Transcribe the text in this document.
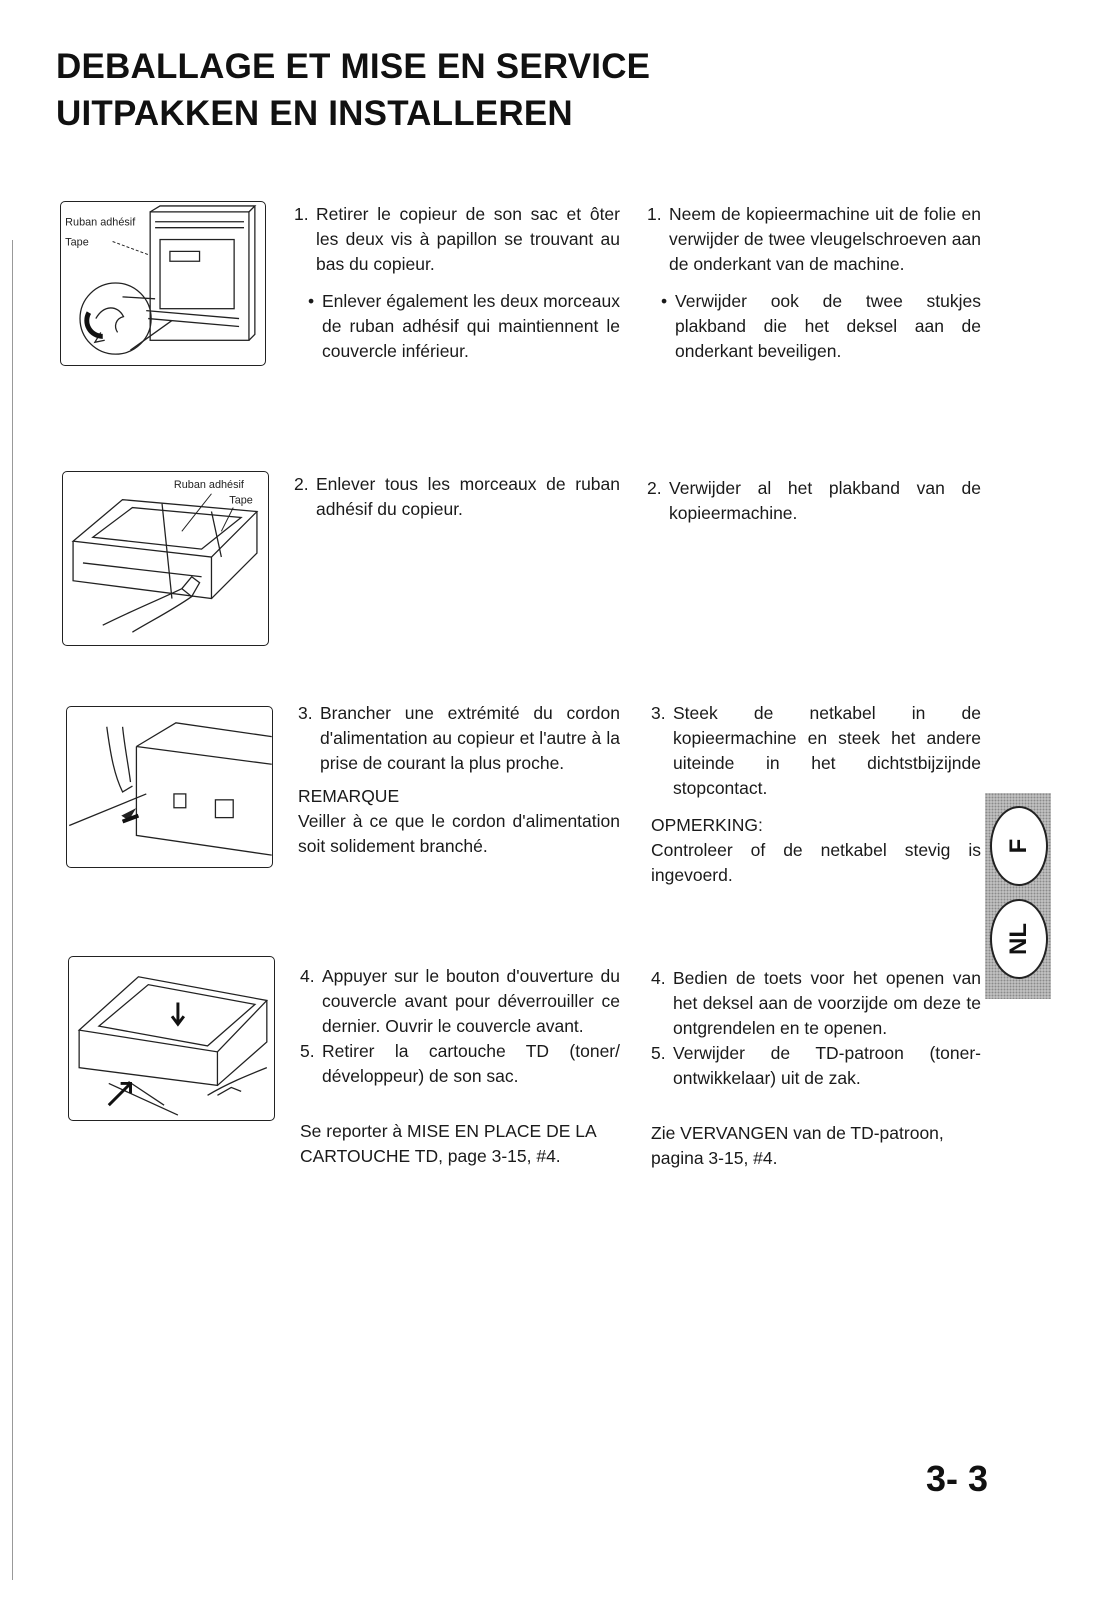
DEBALLAGE ET MISE EN SERVICE
UITPAKKEN EN INSTALLEREN
Ruban adhésif
Tape
1. Retirer le copieur de son sac et ôter les deux vis à papillon se trouvant au bas du copieur.
• Enlever également les deux morceaux de ruban adhésif qui maintiennent le couvercle inférieur.
1. Neem de kopieermachine uit de folie en verwijder de twee vleugelschroeven aan de onderkant van de machine.
• Verwijder ook de twee stukjes plakband die het deksel aan de onderkant beveiligen.
Ruban adhésif
Tape
2. Enlever tous les morceaux de ruban adhésif du copieur.
2. Verwijder al het plakband van de kopieermachine.
3. Brancher une extrémité du cordon d'alimentation au copieur et l'autre à la prise de courant la plus proche.
REMARQUE
Veiller à ce que le cordon d'alimentation soit solidement branché.
3. Steek de netkabel in de kopieermachine en steek het andere uiteinde in het dichtstbijzijnde stopcontact.
OPMERKING:
Controleer of de netkabel stevig is ingevoerd.
4. Appuyer sur le bouton d'ouverture du couvercle avant pour déverrouiller ce dernier. Ouvrir le couvercle avant.
5. Retirer la cartouche TD (toner/ développeur) de son sac.
Se reporter à MISE EN PLACE DE LA CARTOUCHE TD, page 3-15, #4.
4. Bedien de toets voor het openen van het deksel aan de voorzijde om deze te ontgrendelen en te openen.
5. Verwijder de TD-patroon (toner-ontwikkelaar) uit de zak.
Zie VERVANGEN van de TD-patroon, pagina 3-15, #4.
F
NL
3- 3
